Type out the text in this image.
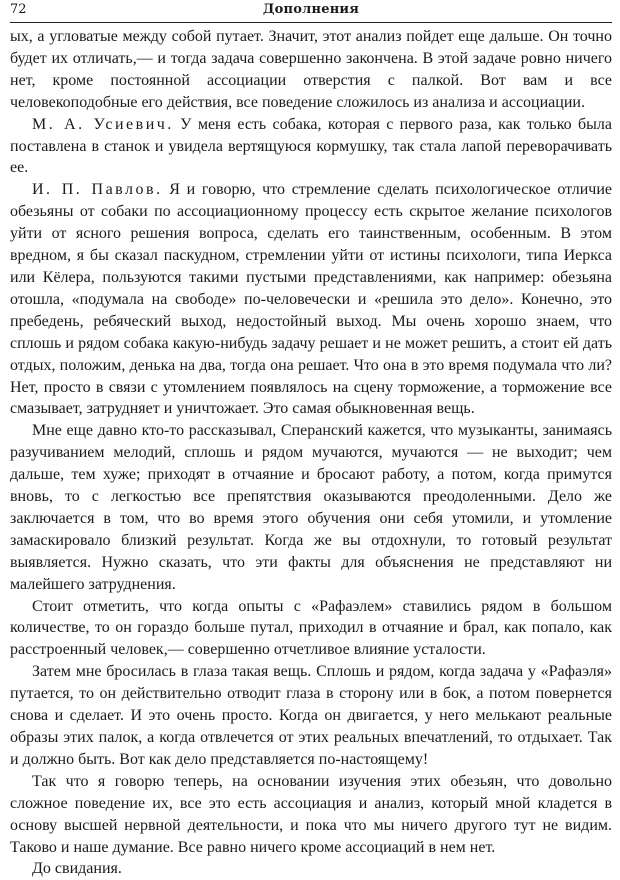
72	Дополнения

ых, а угловатые между собой путает. Значит, этот анализ пойдет еще дальше. Он точно будет их отличать,— и тогда задача совершенно закончена. В этой задаче ровно ничего нет, кроме постоянной ассоциации отверстия с палкой. Вот вам и все человекоподобные его действия, все поведение сложилось из анализа и ассоциации.

М. А. Усиевич. У меня есть собака, которая с первого раза, как только была поставлена в станок и увидела вертящуюся кормушку, так стала лапой переворачивать ее.

И. П. Павлов. Я и говорю, что стремление сделать психологическое отличие обезьяны от собаки по ассоциационному процессу есть скрытое желание психологов уйти от ясного решения вопроса, сделать его таинственным, особенным. В этом вредном, я бы сказал паскудном, стремлении уйти от истины психологи, типа Иеркса или Кёлера, пользуются такими пустыми представлениями, как например: обезьяна отошла, «подумала на свободе» по-человечески и «решила это дело». Конечно, это пребедень, ребяческий выход, недостойный выход. Мы очень хорошо знаем, что сплошь и рядом собака какую-нибудь задачу решает и не может решить, а стоит ей дать отдых, положим, денька на два, тогда она решает. Что она в это время подумала что ли? Нет, просто в связи с утомлением появлялось на сцену торможение, а торможение все смазывает, затрудняет и уничтожает. Это самая обыкновенная вещь.

Мне еще давно кто-то рассказывал, Сперанский кажется, что музыканты, занимаясь разучиванием мелодий, сплошь и рядом мучаются, мучаются — не выходит; чем дальше, тем хуже; приходят в отчаяние и бросают работу, а потом, когда примутся вновь, то с легкостью все препятствия оказываются преодоленными. Дело же заключается в том, что во время этого обучения они себя утомили, и утомление замаскировало близкий результат. Когда же вы отдохнули, то готовый результат выявляется. Нужно сказать, что эти факты для объяснения не представляют ни малейшего затруднения.

Стоит отметить, что когда опыты с «Рафаэлем» ставились рядом в большом количестве, то он гораздо больше путал, приходил в отчаяние и брал, как попало, как расстроенный человек,— совершенно отчетливое влияние усталости.

Затем мне бросилась в глаза такая вещь. Сплошь и рядом, когда задача у «Рафаэля» путается, то он действительно отводит глаза в сторону или в бок, а потом повернется снова и сделает. И это очень просто. Когда он двигается, у него мелькают реальные образы этих палок, а когда отвлечется от этих реальных впечатлений, то отдыхает. Так и должно быть. Вот как дело представляется по-настоящему!

Так что я говорю теперь, на основании изучения этих обезьян, что довольно сложное поведение их, все это есть ассоциация и анализ, который мной кладется в основу высшей нервной деятельности, и пока что мы ничего другого тут не видим. Таково и наше думание. Все равно ничего кроме ассоциаций в нем нет.

До свидания.
